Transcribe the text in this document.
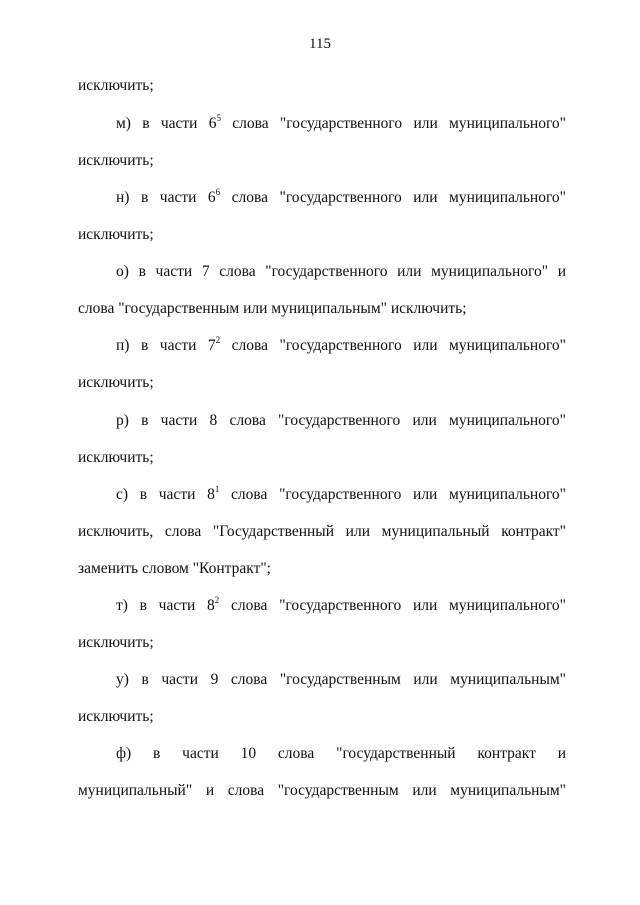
115
исключить;
м) в части $6^5$ слова "государственного или муниципального"
исключить;
н) в части $6^6$ слова "государственного или муниципального"
исключить;
о) в части 7 слова "государственного или муниципального" и
слова "государственным или муниципальным" исключить;
п) в части $7^2$ слова "государственного или муниципального"
исключить;
р) в части 8 слова "государственного или муниципального"
исключить;
с) в части $8^1$ слова "государственного или муниципального"
исключить, слова "Государственный или муниципальный контракт"
заменить словом "Контракт";
т) в части $8^2$ слова "государственного или муниципального"
исключить;
у) в части 9 слова "государственным или муниципальным"
исключить;
ф) в части 10 слова "государственный контракт и
муниципальный" и слова "государственным или муниципальным"
